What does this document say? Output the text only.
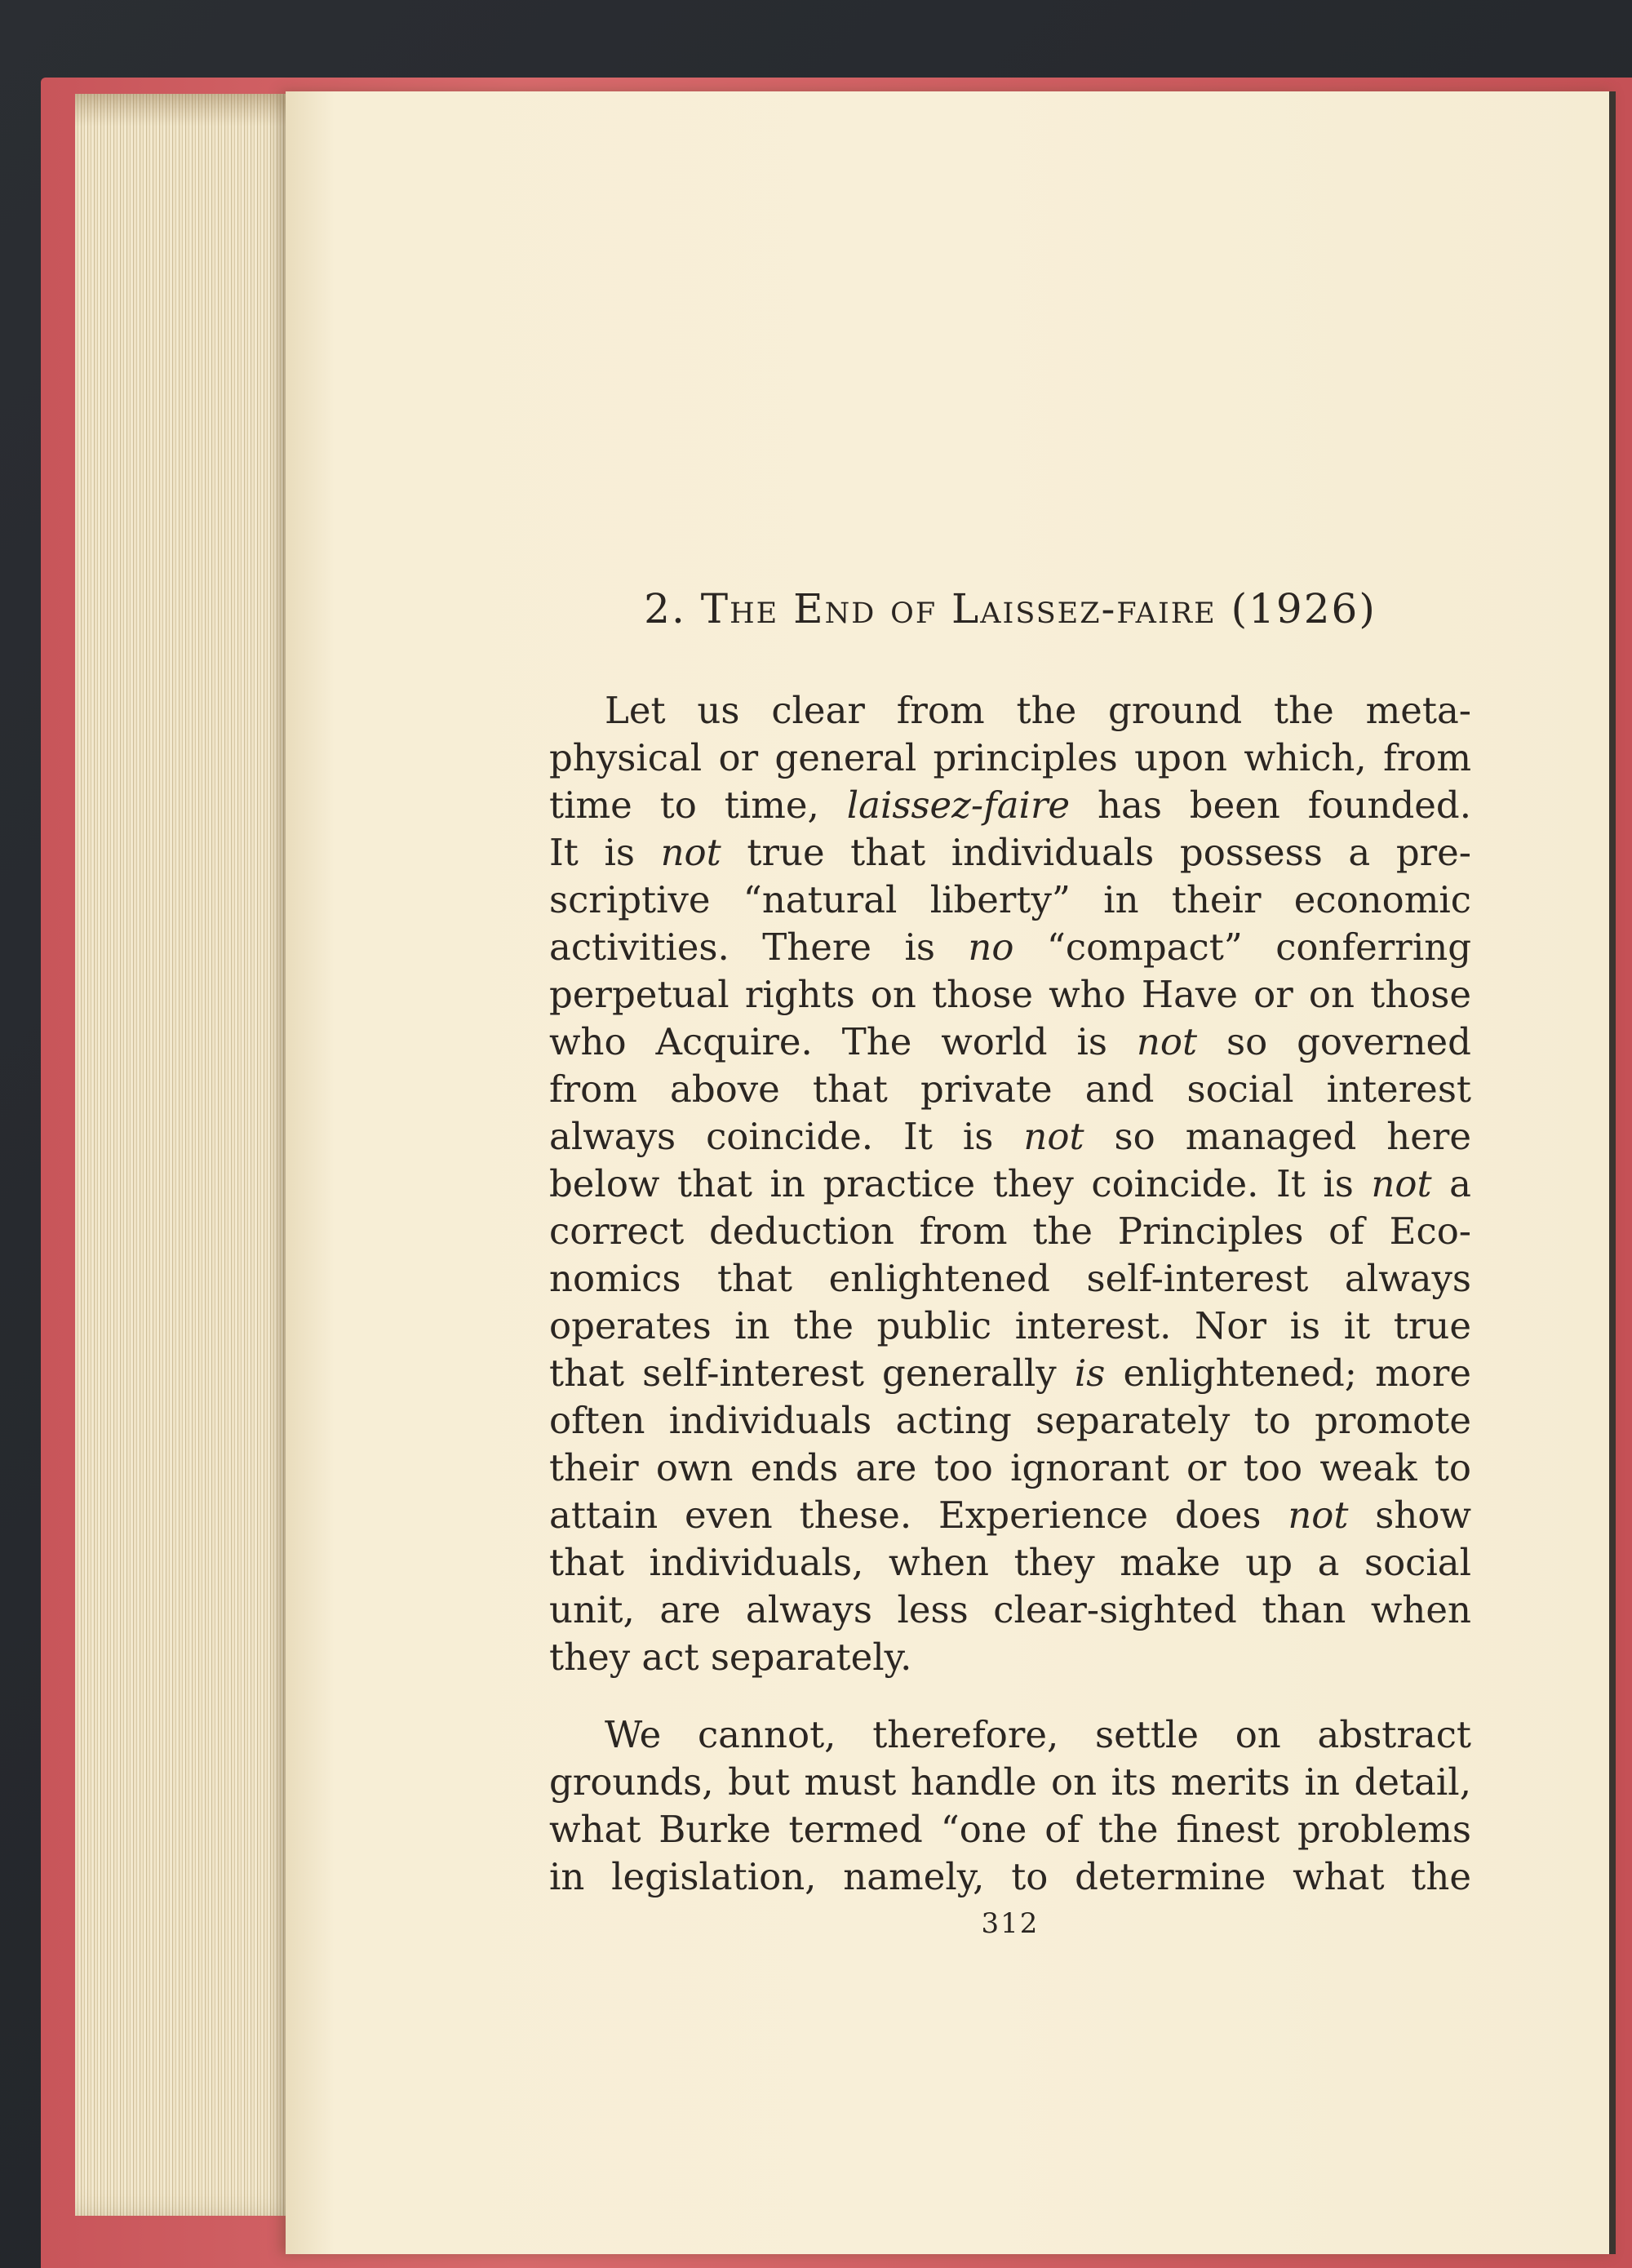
2. The End of Laissez-faire (1926)
Let us clear from the ground the meta-
physical or general principles upon which, from
time to time, laissez-faire has been founded.
It is not true that individuals possess a pre-
scriptive “natural liberty” in their economic
activities. There is no “compact” conferring
perpetual rights on those who Have or on those
who Acquire. The world is not so governed
from above that private and social interest
always coincide. It is not so managed here
below that in practice they coincide. It is not a
correct deduction from the Principles of Eco-
nomics that enlightened self-interest always
operates in the public interest. Nor is it true
that self-interest generally is enlightened; more
often individuals acting separately to promote
their own ends are too ignorant or too weak to
attain even these. Experience does not show
that individuals, when they make up a social
unit, are always less clear-sighted than when
they act separately.
We cannot, therefore, settle on abstract
grounds, but must handle on its merits in detail,
what Burke termed “one of the finest problems
in legislation, namely, to determine what the
312
